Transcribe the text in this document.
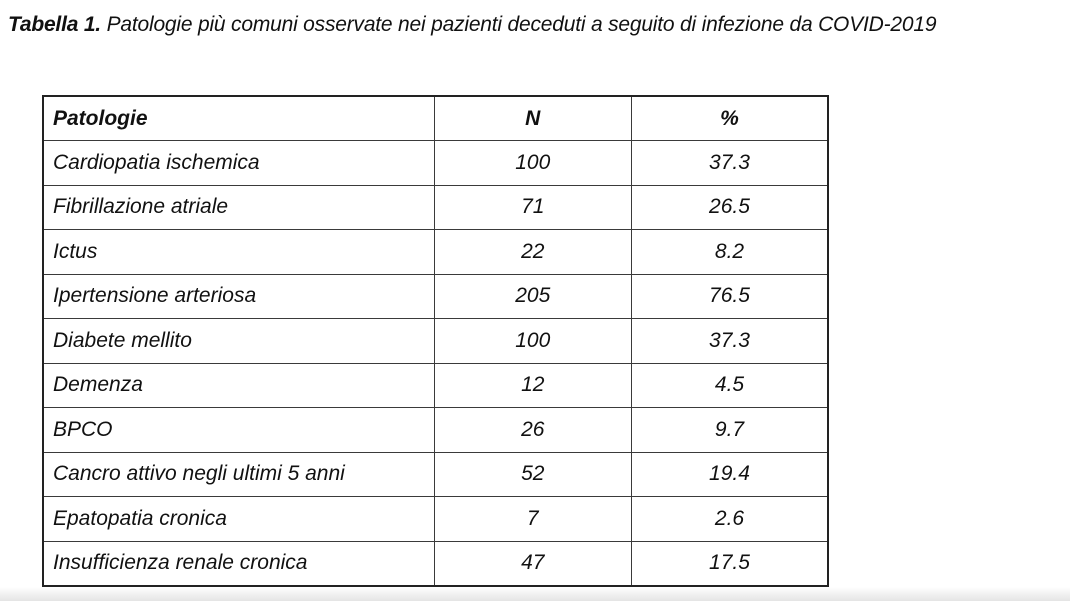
Tabella 1. Patologie più comuni osservate nei pazienti deceduti a seguito di infezione da COVID-2019
Patologie	N	%
Cardiopatia ischemica	100	37.3
Fibrillazione atriale	71	26.5
Ictus	22	8.2
Ipertensione arteriosa	205	76.5
Diabete mellito	100	37.3
Demenza	12	4.5
BPCO	26	9.7
Cancro attivo negli ultimi 5 anni	52	19.4
Epatopatia cronica	7	2.6
Insufficienza renale cronica	47	17.5
